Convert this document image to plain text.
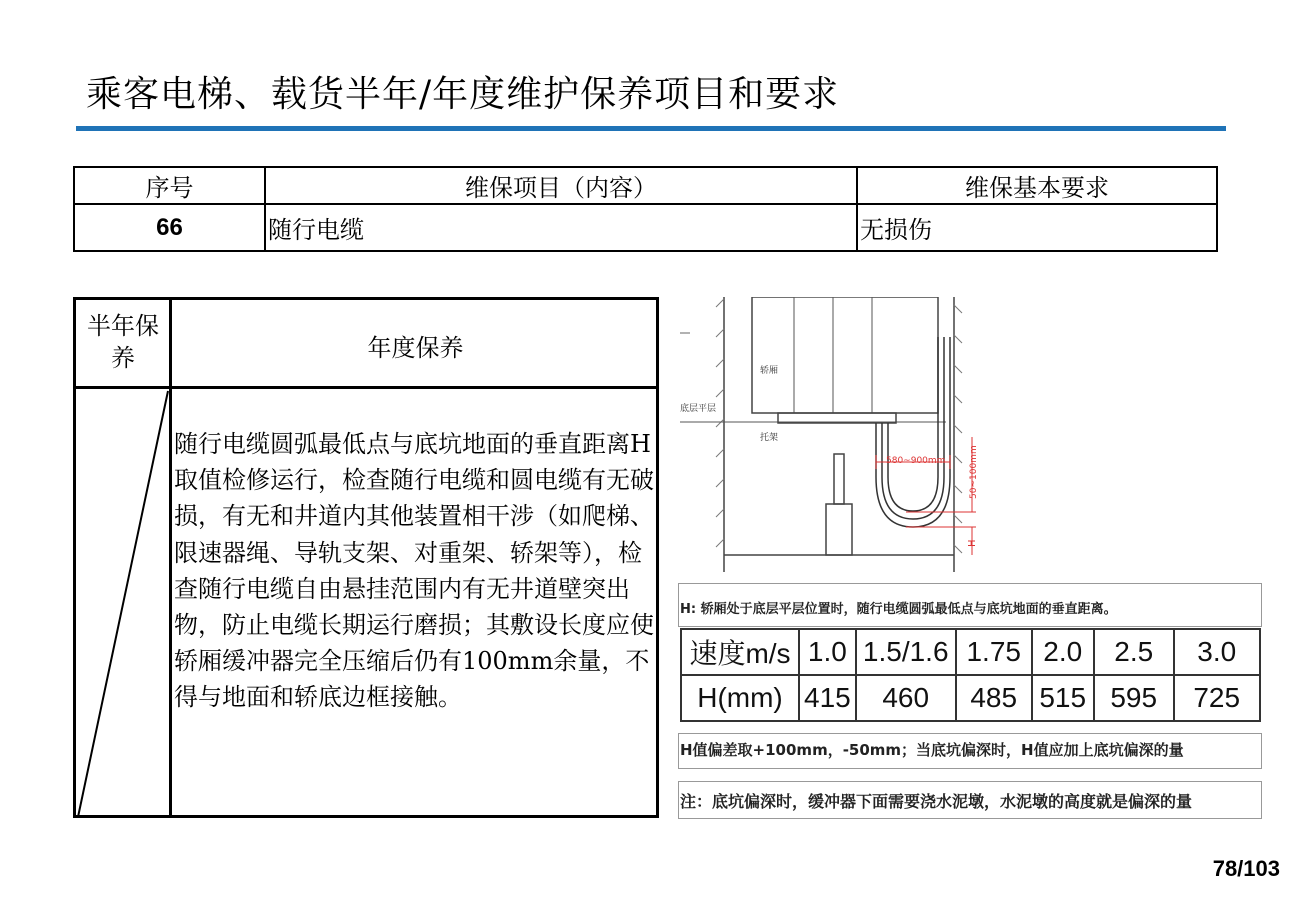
乘客电梯、载货半年/年度维护保养项目和要求
序号	维保项目（内容）	维保基本要求
66	随行电缆	无损伤
半年保养	年度保养
随行电缆圆弧最低点与底坑地面的垂直距离H取值检修运行，检查随行电缆和圆电缆有无破损，有无和井道内其他装置相干涉（如爬梯、限速器绳、导轨支架、对重架、轿架等），检查随行电缆自由悬挂范围内有无井道壁突出物，防止电缆长期运行磨损；其敷设长度应使轿厢缓冲器完全压缩后仍有100mm余量，不得与地面和轿底边框接触。
580~900mm	50~100mm
H
轿厢
底层平层
托架
H: 轿厢处于底层平层位置时，随行电缆圆弧最低点与底坑地面的垂直距离。
速度m/s	1.0	1.5/1.6	1.75	2.0	2.5	3.0
H(mm)	415	460	485	515	595	725
H值偏差取+100mm，-50mm；当底坑偏深时，H值应加上底坑偏深的量
注：底坑偏深时，缓冲器下面需要浇水泥墩，水泥墩的高度就是偏深的量
78/103
